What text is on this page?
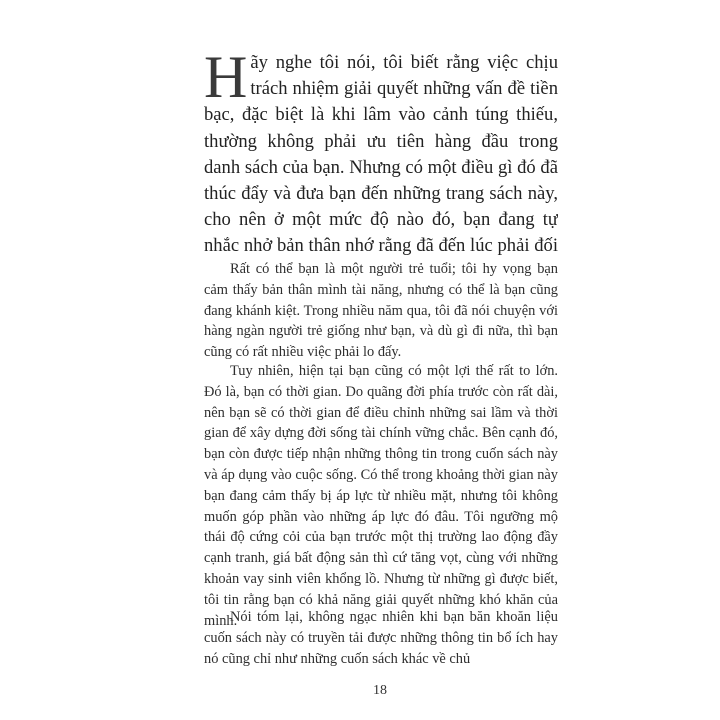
Hãy nghe tôi nói, tôi biết rằng việc chịu trách nhiệm giải quyết những vấn đề tiền bạc, đặc biệt là khi lâm vào cảnh túng thiếu, thường không phải ưu tiên hàng đầu trong danh sách của bạn. Nhưng có một điều gì đó đã thúc đẩy và đưa bạn đến những trang sách này, cho nên ở một mức độ nào đó, bạn đang tự nhắc nhở bản thân nhớ rằng đã đến lúc phải đối

Rất có thể bạn là một người trẻ tuổi; tôi hy vọng bạn cảm thấy bản thân mình tài năng, nhưng có thể là bạn cũng đang khánh kiệt. Trong nhiều năm qua, tôi đã nói chuyện với hàng ngàn người trẻ giống như bạn, và dù gì đi nữa, thì bạn cũng có rất nhiều việc phải lo đấy.

Tuy nhiên, hiện tại bạn cũng có một lợi thế rất to lớn. Đó là, bạn có thời gian. Do quãng đời phía trước còn rất dài, nên bạn sẽ có thời gian để điều chỉnh những sai lầm và thời gian để xây dựng đời sống tài chính vững chắc. Bên cạnh đó, bạn còn được tiếp nhận những thông tin trong cuốn sách này và áp dụng vào cuộc sống. Có thể trong khoảng thời gian này bạn đang cảm thấy bị áp lực từ nhiều mặt, nhưng tôi không muốn góp phần vào những áp lực đó đâu. Tôi ngưỡng mộ thái độ cứng cỏi của bạn trước một thị trường lao động đầy cạnh tranh, giá bất động sản thì cứ tăng vọt, cùng với những khoản vay sinh viên khổng lồ. Nhưng từ những gì được biết, tôi tin rằng bạn có khả năng giải quyết những khó khăn của mình.

Nói tóm lại, không ngạc nhiên khi bạn băn khoăn liệu cuốn sách này có truyền tải được những thông tin bổ ích hay nó cũng chỉ như những cuốn sách khác về chủ

18
